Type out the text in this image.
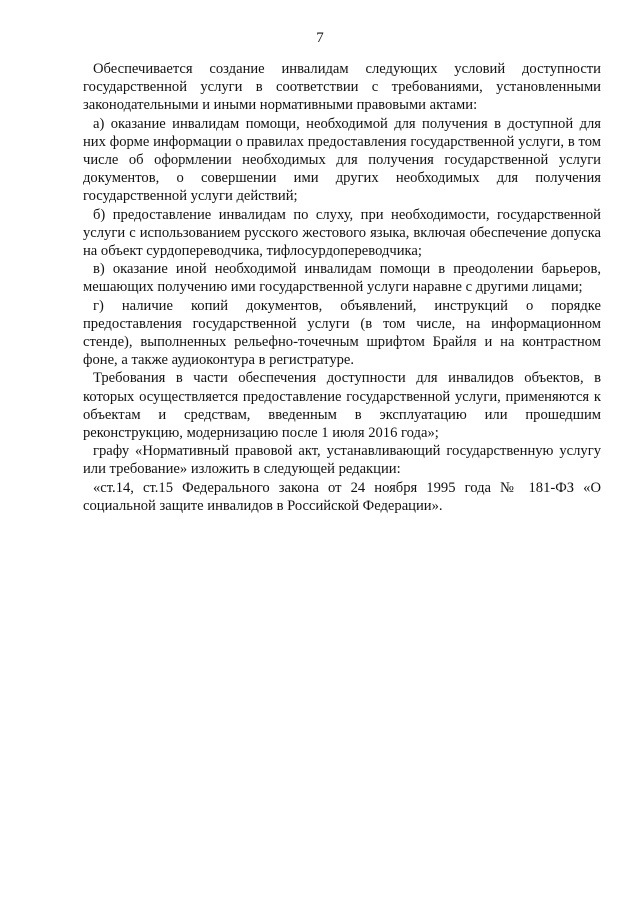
7

Обеспечивается создание инвалидам следующих условий доступности государственной услуги в соответствии с требованиями, установленными законодательными и иными нормативными правовыми актами:

а) оказание инвалидам помощи, необходимой для получения в доступной для них форме информации о правилах предоставления государственной услуги, в том числе об оформлении необходимых для получения государственной услуги документов, о совершении ими других необходимых для получения государственной услуги действий;

б) предоставление инвалидам по слуху, при необходимости, государственной услуги с использованием русского жестового языка, включая обеспечение допуска на объект сурдопереводчика, тифлосурдопереводчика;

в) оказание иной необходимой инвалидам помощи в преодолении барьеров, мешающих получению ими государственной услуги наравне с другими лицами;

г) наличие копий документов, объявлений, инструкций о порядке предоставления государственной услуги (в том числе, на информационном стенде), выполненных рельефно-точечным шрифтом Брайля и на контрастном фоне, а также аудиоконтура в регистратуре.

Требования в части обеспечения доступности для инвалидов объектов, в которых осуществляется предоставление государственной услуги, применяются к объектам и средствам, введенным в эксплуатацию или прошедшим реконструкцию, модернизацию после 1 июля 2016 года»;

графу «Нормативный правовой акт, устанавливающий государственную услугу или требование» изложить в следующей редакции:

«ст.14, ст.15 Федерального закона от 24 ноября 1995 года № 181-ФЗ «О социальной защите инвалидов в Российской Федерации».
